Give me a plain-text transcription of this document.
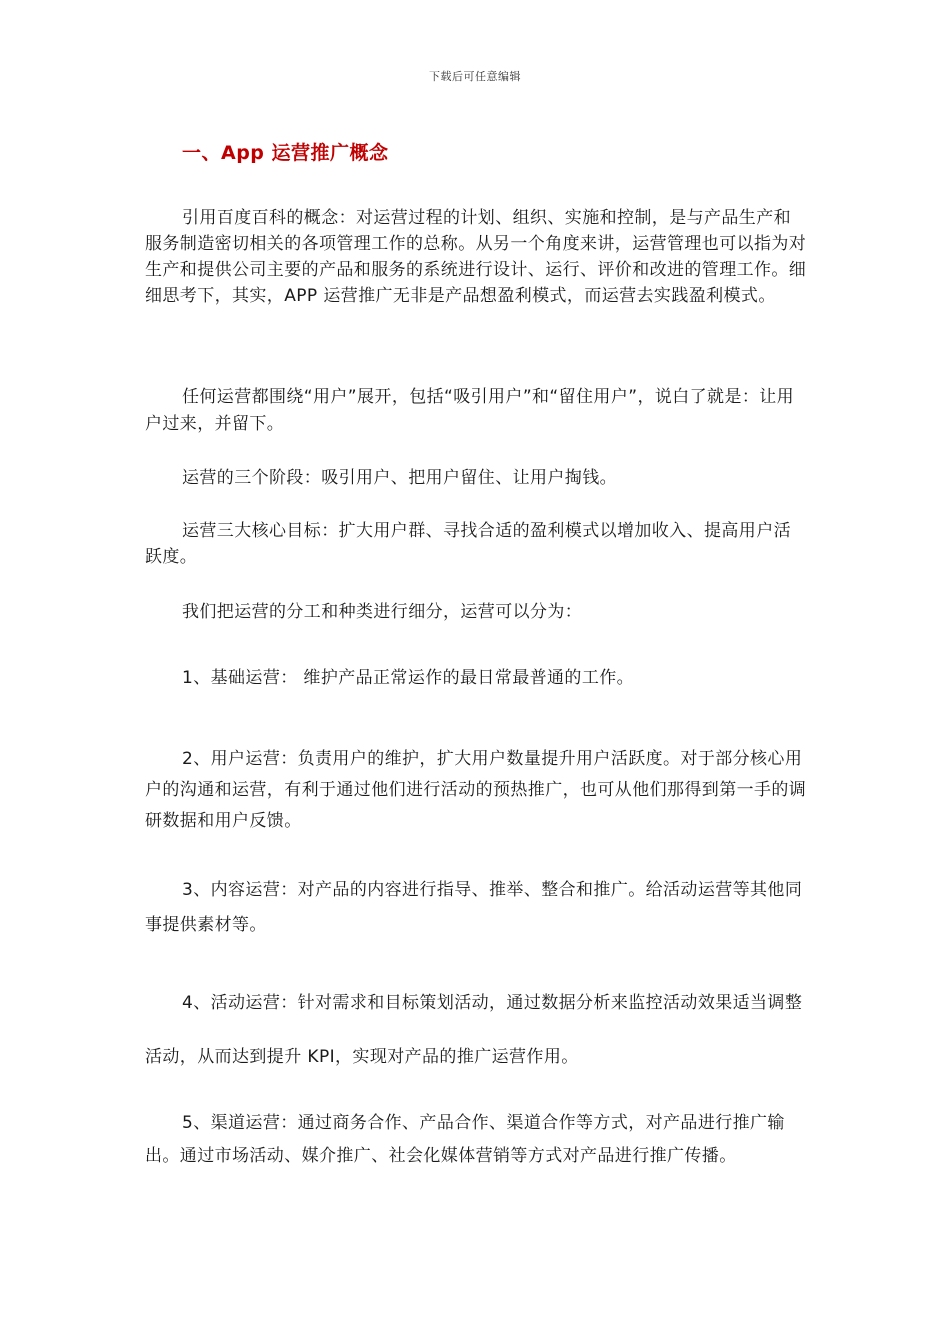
下载后可任意编辑
一、App 运营推广概念

引用百度百科的概念：对运营过程的计划、组织、实施和控制，是与产品生产和服务制造密切相关的各项管理工作的总称。从另一个角度来讲，运营管理也可以指为对生产和提供公司主要的产品和服务的系统进行设计、运行、评价和改进的管理工作。细细思考下，其实，APP 运营推广无非是产品想盈利模式，而运营去实践盈利模式。

任何运营都围绕“用户”展开，包括“吸引用户”和“留住用户”，说白了就是：让用户过来，并留下。

运营的三个阶段：吸引用户、把用户留住、让用户掏钱。

运营三大核心目标：扩大用户群、寻找合适的盈利模式以增加收入、提高用户活跃度。

我们把运营的分工和种类进行细分，运营可以分为：

1、基础运营： 维护产品正常运作的最日常最普通的工作。

2、用户运营：负责用户的维护，扩大用户数量提升用户活跃度。对于部分核心用户的沟通和运营，有利于通过他们进行活动的预热推广，也可从他们那得到第一手的调研数据和用户反馈。

3、内容运营：对产品的内容进行指导、推举、整合和推广。给活动运营等其他同事提供素材等。

4、活动运营：针对需求和目标策划活动，通过数据分析来监控活动效果适当调整活动，从而达到提升 KPI，实现对产品的推广运营作用。

5、渠道运营：通过商务合作、产品合作、渠道合作等方式，对产品进行推广输出。通过市场活动、媒介推广、社会化媒体营销等方式对产品进行推广传播。
